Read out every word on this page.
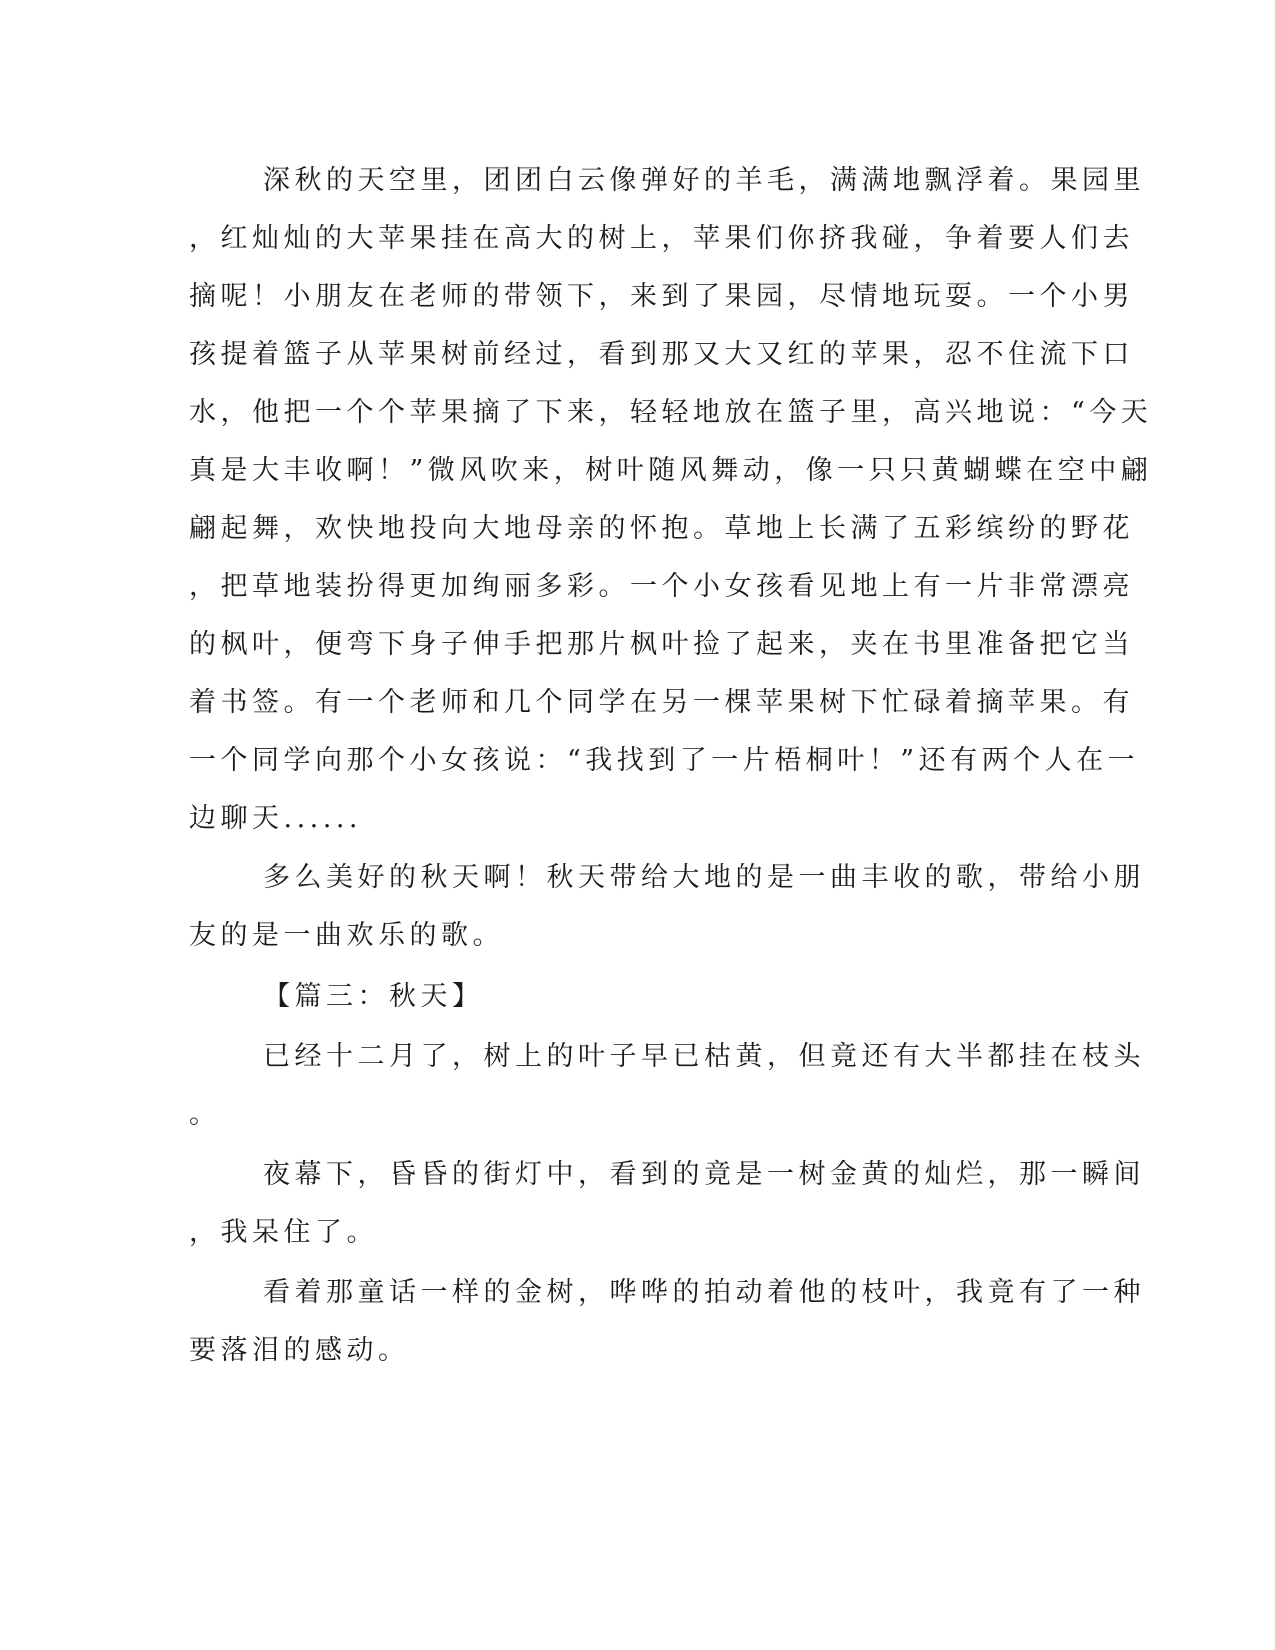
深秋的天空里，团团白云像弹好的羊毛，满满地飘浮着。果园里
，红灿灿的大苹果挂在高大的树上，苹果们你挤我碰，争着要人们去
摘呢！小朋友在老师的带领下，来到了果园，尽情地玩耍。一个小男
孩提着篮子从苹果树前经过，看到那又大又红的苹果，忍不住流下口
水，他把一个个苹果摘了下来，轻轻地放在篮子里，高兴地说：“今天
真是大丰收啊！”微风吹来，树叶随风舞动，像一只只黄蝴蝶在空中翩
翩起舞，欢快地投向大地母亲的怀抱。草地上长满了五彩缤纷的野花
，把草地装扮得更加绚丽多彩。一个小女孩看见地上有一片非常漂亮
的枫叶，便弯下身子伸手把那片枫叶捡了起来，夹在书里准备把它当
着书签。有一个老师和几个同学在另一棵苹果树下忙碌着摘苹果。有
一个同学向那个小女孩说：“我找到了一片梧桐叶！”还有两个人在一
边聊天......
多么美好的秋天啊！秋天带给大地的是一曲丰收的歌，带给小朋
友的是一曲欢乐的歌。
【篇三：秋天】
已经十二月了，树上的叶子早已枯黄，但竟还有大半都挂在枝头
。
夜幕下，昏昏的街灯中，看到的竟是一树金黄的灿烂，那一瞬间
，我呆住了。
看着那童话一样的金树，哗哗的拍动着他的枝叶，我竟有了一种
要落泪的感动。
